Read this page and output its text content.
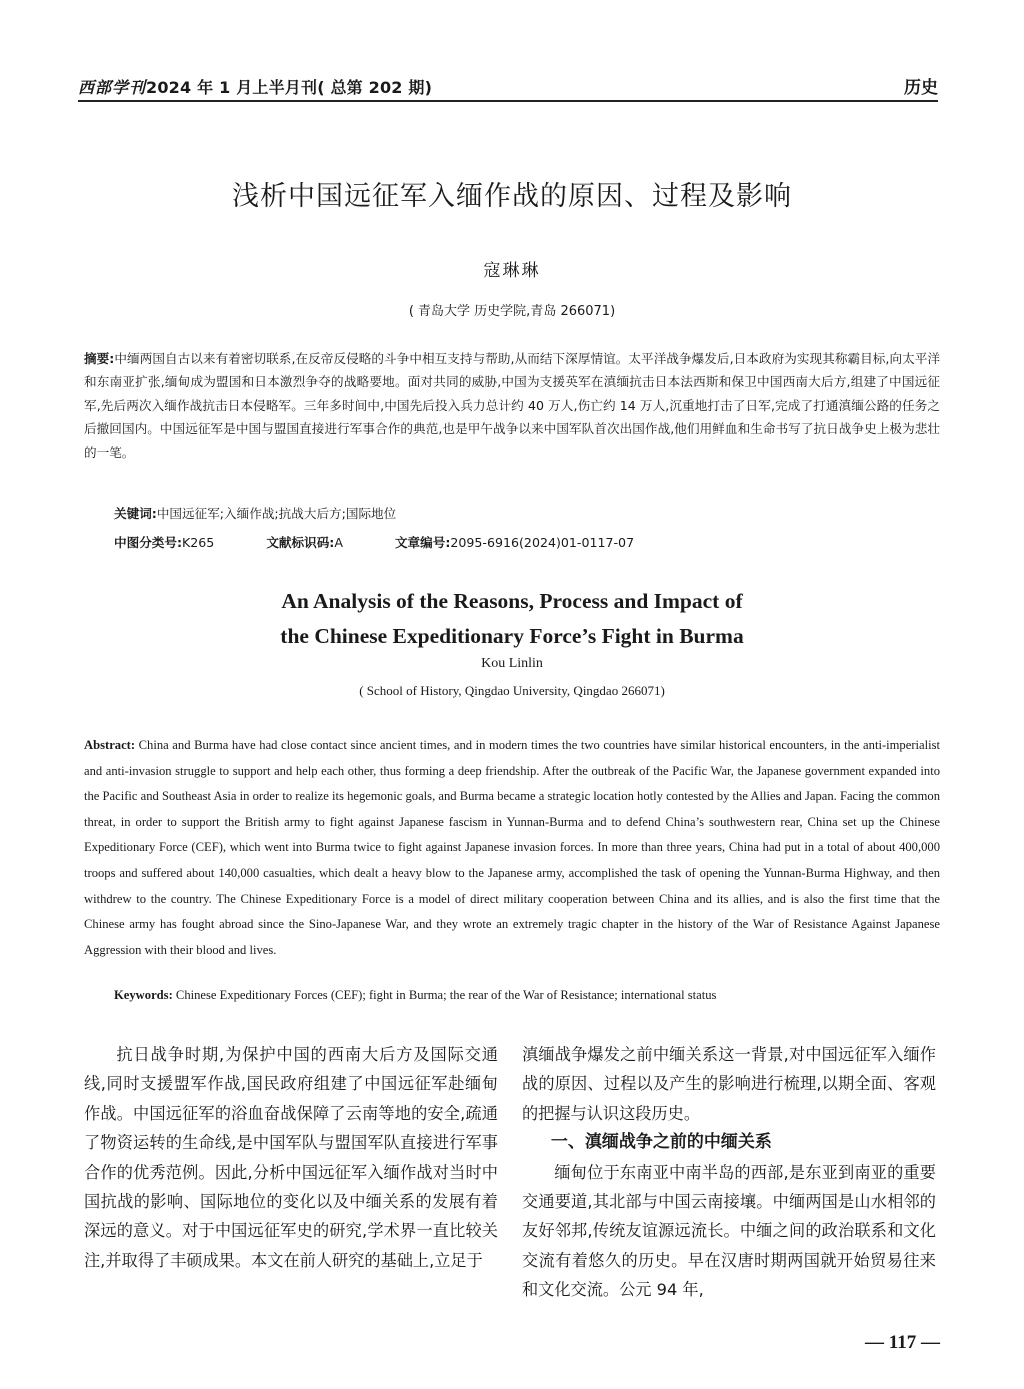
西部学刊2024 年 1 月上半月刊( 总第 202 期)	历史
浅析中国远征军入缅作战的原因、过程及影响
寇琳琳
( 青岛大学 历史学院,青岛 266071)
摘要:中缅两国自古以来有着密切联系,在反帝反侵略的斗争中相互支持与帮助,从而结下深厚情谊。太平洋战争爆发后,日本政府为实现其称霸目标,向太平洋和东南亚扩张,缅甸成为盟国和日本激烈争夺的战略要地。面对共同的威胁,中国为支援英军在滇缅抗击日本法西斯和保卫中国西南大后方,组建了中国远征军,先后两次入缅作战抗击日本侵略军。三年多时间中,中国先后投入兵力总计约 40 万人,伤亡约 14 万人,沉重地打击了日军,完成了打通滇缅公路的任务之后撤回国内。中国远征军是中国与盟国直接进行军事合作的典范,也是甲午战争以来中国军队首次出国作战,他们用鲜血和生命书写了抗日战争史上极为悲壮的一笔。
关键词:中国远征军;入缅作战;抗战大后方;国际地位
中图分类号:K265	文献标识码:A	文章编号:2095-6916(2024)01-0117-07
An Analysis of the Reasons, Process and Impact of
the Chinese Expeditionary Force’s Fight in Burma
Kou Linlin
( School of History, Qingdao University, Qingdao 266071)
Abstract: China and Burma have had close contact since ancient times, and in modern times the two countries have similar historical encounters, in the anti-imperialist and anti-invasion struggle to support and help each other, thus forming a deep friendship. After the outbreak of the Pacific War, the Japanese government expanded into the Pacific and Southeast Asia in order to realize its hegemonic goals, and Burma became a strategic location hotly contested by the Allies and Japan. Facing the common threat, in order to support the British army to fight against Japanese fascism in Yunnan-Burma and to defend China’s southwestern rear, China set up the Chinese Expeditionary Force (CEF), which went into Burma twice to fight against Japanese invasion forces. In more than three years, China had put in a total of about 400,000 troops and suffered about 140,000 casualties, which dealt a heavy blow to the Japanese army, accomplished the task of opening the Yunnan-Burma Highway, and then withdrew to the country. The Chinese Expeditionary Force is a model of direct military cooperation between China and its allies, and is also the first time that the Chinese army has fought abroad since the Sino-Japanese War, and they wrote an extremely tragic chapter in the history of the War of Resistance Against Japanese Aggression with their blood and lives.
Keywords: Chinese Expeditionary Forces (CEF); fight in Burma; the rear of the War of Resistance; international status

抗日战争时期,为保护中国的西南大后方及国际交通线,同时支援盟军作战,国民政府组建了中国远征军赴缅甸作战。中国远征军的浴血奋战保障了云南等地的安全,疏通了物资运转的生命线,是中国军队与盟国军队直接进行军事合作的优秀范例。因此,分析中国远征军入缅作战对当时中国抗战的影响、国际地位的变化以及中缅关系的发展有着深远的意义。对于中国远征军史的研究,学术界一直比较关注,并取得了丰硕成果。本文在前人研究的基础上,立足于

滇缅战争爆发之前中缅关系这一背景,对中国远征军入缅作战的原因、过程以及产生的影响进行梳理,以期全面、客观的把握与认识这段历史。

一、滇缅战争之前的中缅关系

缅甸位于东南亚中南半岛的西部,是东亚到南亚的重要交通要道,其北部与中国云南接壤。中缅两国是山水相邻的友好邻邦,传统友谊源远流长。中缅之间的政治联系和文化交流有着悠久的历史。早在汉唐时期两国就开始贸易往来和文化交流。公元 94 年,

— 117 —
